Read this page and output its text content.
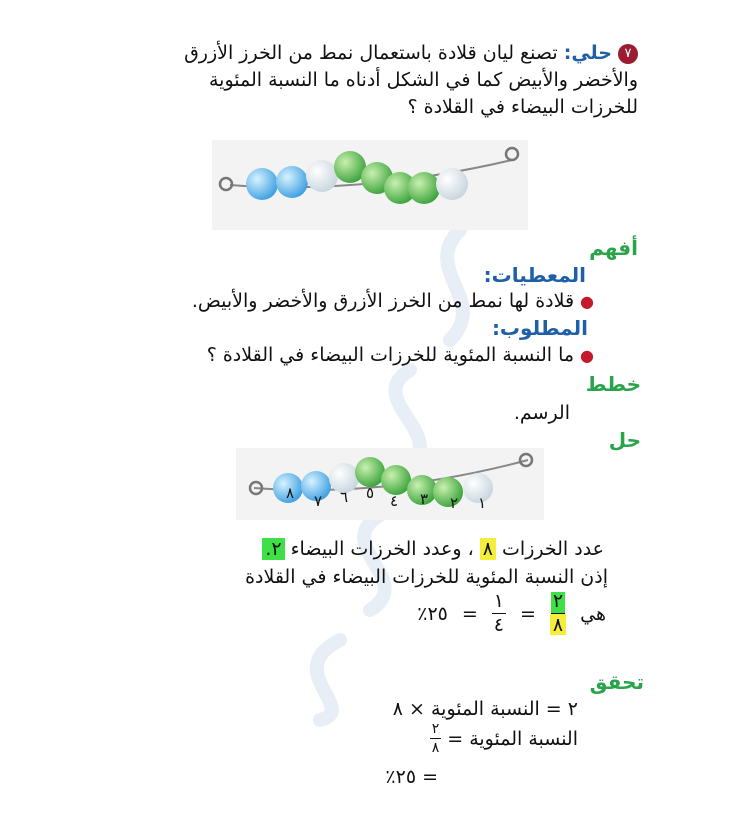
٧حلي: تصنع ليان قلادة باستعمال نمط من الخرز الأزرق
والأخضر والأبيض كما في الشكل أدناه ما النسبة المئوية
للخرزات البيضاء في القلادة ؟
أفهم
المعطيات:
●قلادة لها نمط من الخرز الأزرق والأخضر والأبيض.
المطلوب:
●ما النسبة المئوية للخرزات البيضاء في القلادة ؟
خطط
الرسم.
حل
١
٢
٣
٤
٥
٦
٧
٨
عدد الخرزات ٨ ، وعدد الخرزات البيضاء ٢.
إذن النسبة المئوية للخرزات البيضاء في القلادة
هي
$\frac{٢}{٨}$
=
$\frac{١}{٤}$
=
٢٥٪
تحقق
٢ = النسبة المئوية × ٨
النسبة المئوية =
$\frac{٢}{٨}$
= ٢٥٪
